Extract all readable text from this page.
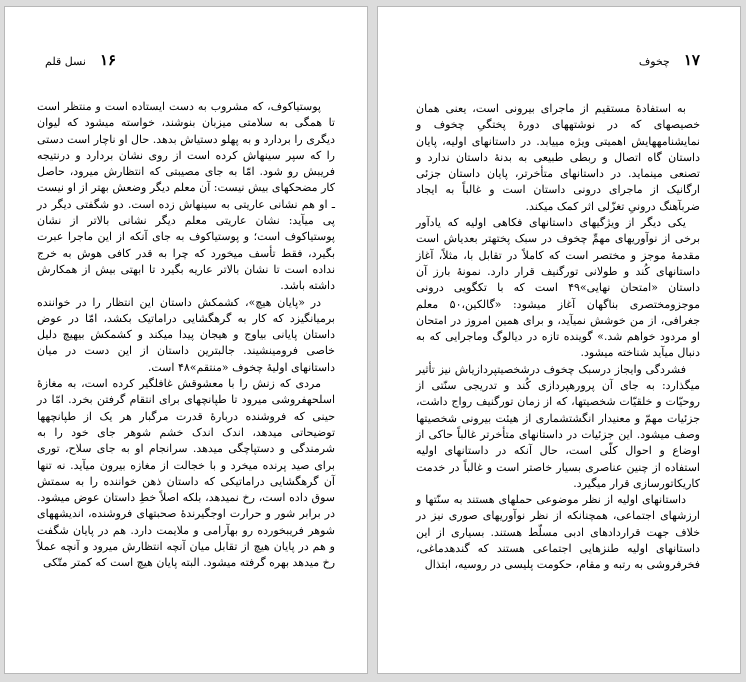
۱۶
نسل قلم

پوستیاکوف، که مشروب به دست ایستاده است و منتظر است تا همگی به سلامتی میزبان بنوشند، خواسته میشود که لیوان دیگری را بردارد و به پهلو دستیاش بدهد. حال او ناچار است دستی را که سپر سینهاش کرده است از روی نشان بردارد و درنتیجه فریبش رو شود. امّا به جای مصیبتی که انتظارش میرود، حاصل کار مضحکهای بیش نیست: آن معلم دیگر وضعش بهتر از او نیست ـ او هم نشانی عاریتی به سینهاش زده است. دو شگفتی دیگر در پی میآید: نشان عاریتی معلم دیگر نشانی بالاتر از نشان پوستیاکوف است؛ و پوستیاکوف به جای آنکه از این ماجرا عبرت بگیرد، فقط تأسف میخورد که چرا به قدر کافی هوش به خرج نداده است تا نشان بالاتر عاریه بگیرد تا ابهتی بیش از همکارش داشته باشد.

در «پایان هیچ»، کشمکش داستان این انتظار را در خواننده برمیانگیزد که کار به گرهگشایی دراماتیک بکشد، امّا در عوض داستان پایانی بیاوج و هیجان پیدا میکند و کشمکش بیهیچ دلیل خاصی فرومینشیند. جالبترین داستان از این دست در میان داستانهای اولیهٔ چخوف «منتقم»۴۸ است.

مردی که زنش را با معشوقش غافلگیر کرده است، به مغازهٔ اسلحهفروشی میرود تا طپانچهای برای انتقام گرفتن بخرد. امّا در حینی که فروشنده دربارهٔ قدرت مرگبار هر یک از طپانچهها توضیحاتی میدهد، اندک اندک خشم شوهر جای خود را به شرمندگی و دستپاچگی میدهد. سرانجام او به جای سلاح، توری برای صید پرنده میخرد و با خجالت از مغازه بیرون میآید. نه تنها آن گرهگشایی دراماتیکی که داستان ذهن خواننده را به سمتش سوق داده است، رخ نمیدهد، بلکه اصلاً خطِ داستان عوض میشود. در برابر شور و حرارت اوجگیرندهٔ صحبتهای فروشنده، اندیشههای شوهر فریبخورده رو بهآرامی و ملایمت دارد. هم در پایان شگفت و هم در پایان هیچ از تقابل میان آنچه انتظارش میرود و آنچه عملاً رخ میدهد بهره گرفته میشود. البته پایان هیچ است که کمتر متّکی

۱۷
چخوف

به استفادهٔ مستقیم از ماجرای بیرونی است، یعنی همان خصیصهای که در نوشتههای دورهٔ پختگیِ چخوف و نمایشنامههایش اهمیتی ویژه مییابد. در داستانهای اولیه، پایان داستان گاه اتصال و ربطی طبیعی به بدنهٔ داستان ندارد و تصنعی مینماید. در داستانهای متأخرتر، پایان داستان جزئی ارگانیک از ماجرای درونی داستان است و غالباً به ایجاد ضربآهنگ درونیِ تغزّلی اثر کمک میکند.

یکی دیگر از ویژگیهای داستانهای فکاهی اولیه که یادآور برخی از نوآوریهای مهمِّ چخوف در سبک پختهتر بعدیاش است مقدمهٔ موجز و مختصر است که کاملاً در تقابل با، مثلاً، آغاز داستانهای کُند و طولانی تورگنیف قرار دارد. نمونهٔ بارز آن داستان «امتحان نهایی»۴۹ است که با تکگویی درونی موجزومختصری بناگهان آغاز میشود: «گالکین،۵۰ معلم جغرافی، از من خوشش نمیآید، و برای همین امروز در امتحان او مردود خواهم شد.» گوینده تازه در دیالوگ وماجرایی که به دنبال میآید شناخته میشود.

فشردگی وایجاز درسبک چخوف درشخصیتپردازیاش نیز تأثیر میگذارد: به جای آن پرورهپردازی کُند و تدریجی سنّتی از روحیّات و خلقیّات شخصیتها، که از زمان تورگنیف رواج داشت، جزئیات مهمّ و معنیدار انگشتشماری از هیئت بیرونی شخصیتها وصف میشود. این جزئیات در داستانهای متأخرتر غالباً حاکی از اوضاع و احوال کلّی است، حال آنکه در داستانهای اولیه استفاده از چنین عناصری بسیار خاصتر است و غالباً در خدمت کاریکاتورسازی قرار میگیرد.

داستانهای اولیه از نظر موضوعی حملهای هستند به سنّتها و ارزشهای اجتماعی، همچنانکه از نظر نوآوریهای صوری نیز در خلاف جهت قراردادهای ادبی مسلّط هستند. بسیاری از این داستانهای اولیه طنزهایی اجتماعی هستند که گندهدماغی، فخرفروشی به رتبه و مقام، حکومت پلیسی در روسیه، ابتذال
